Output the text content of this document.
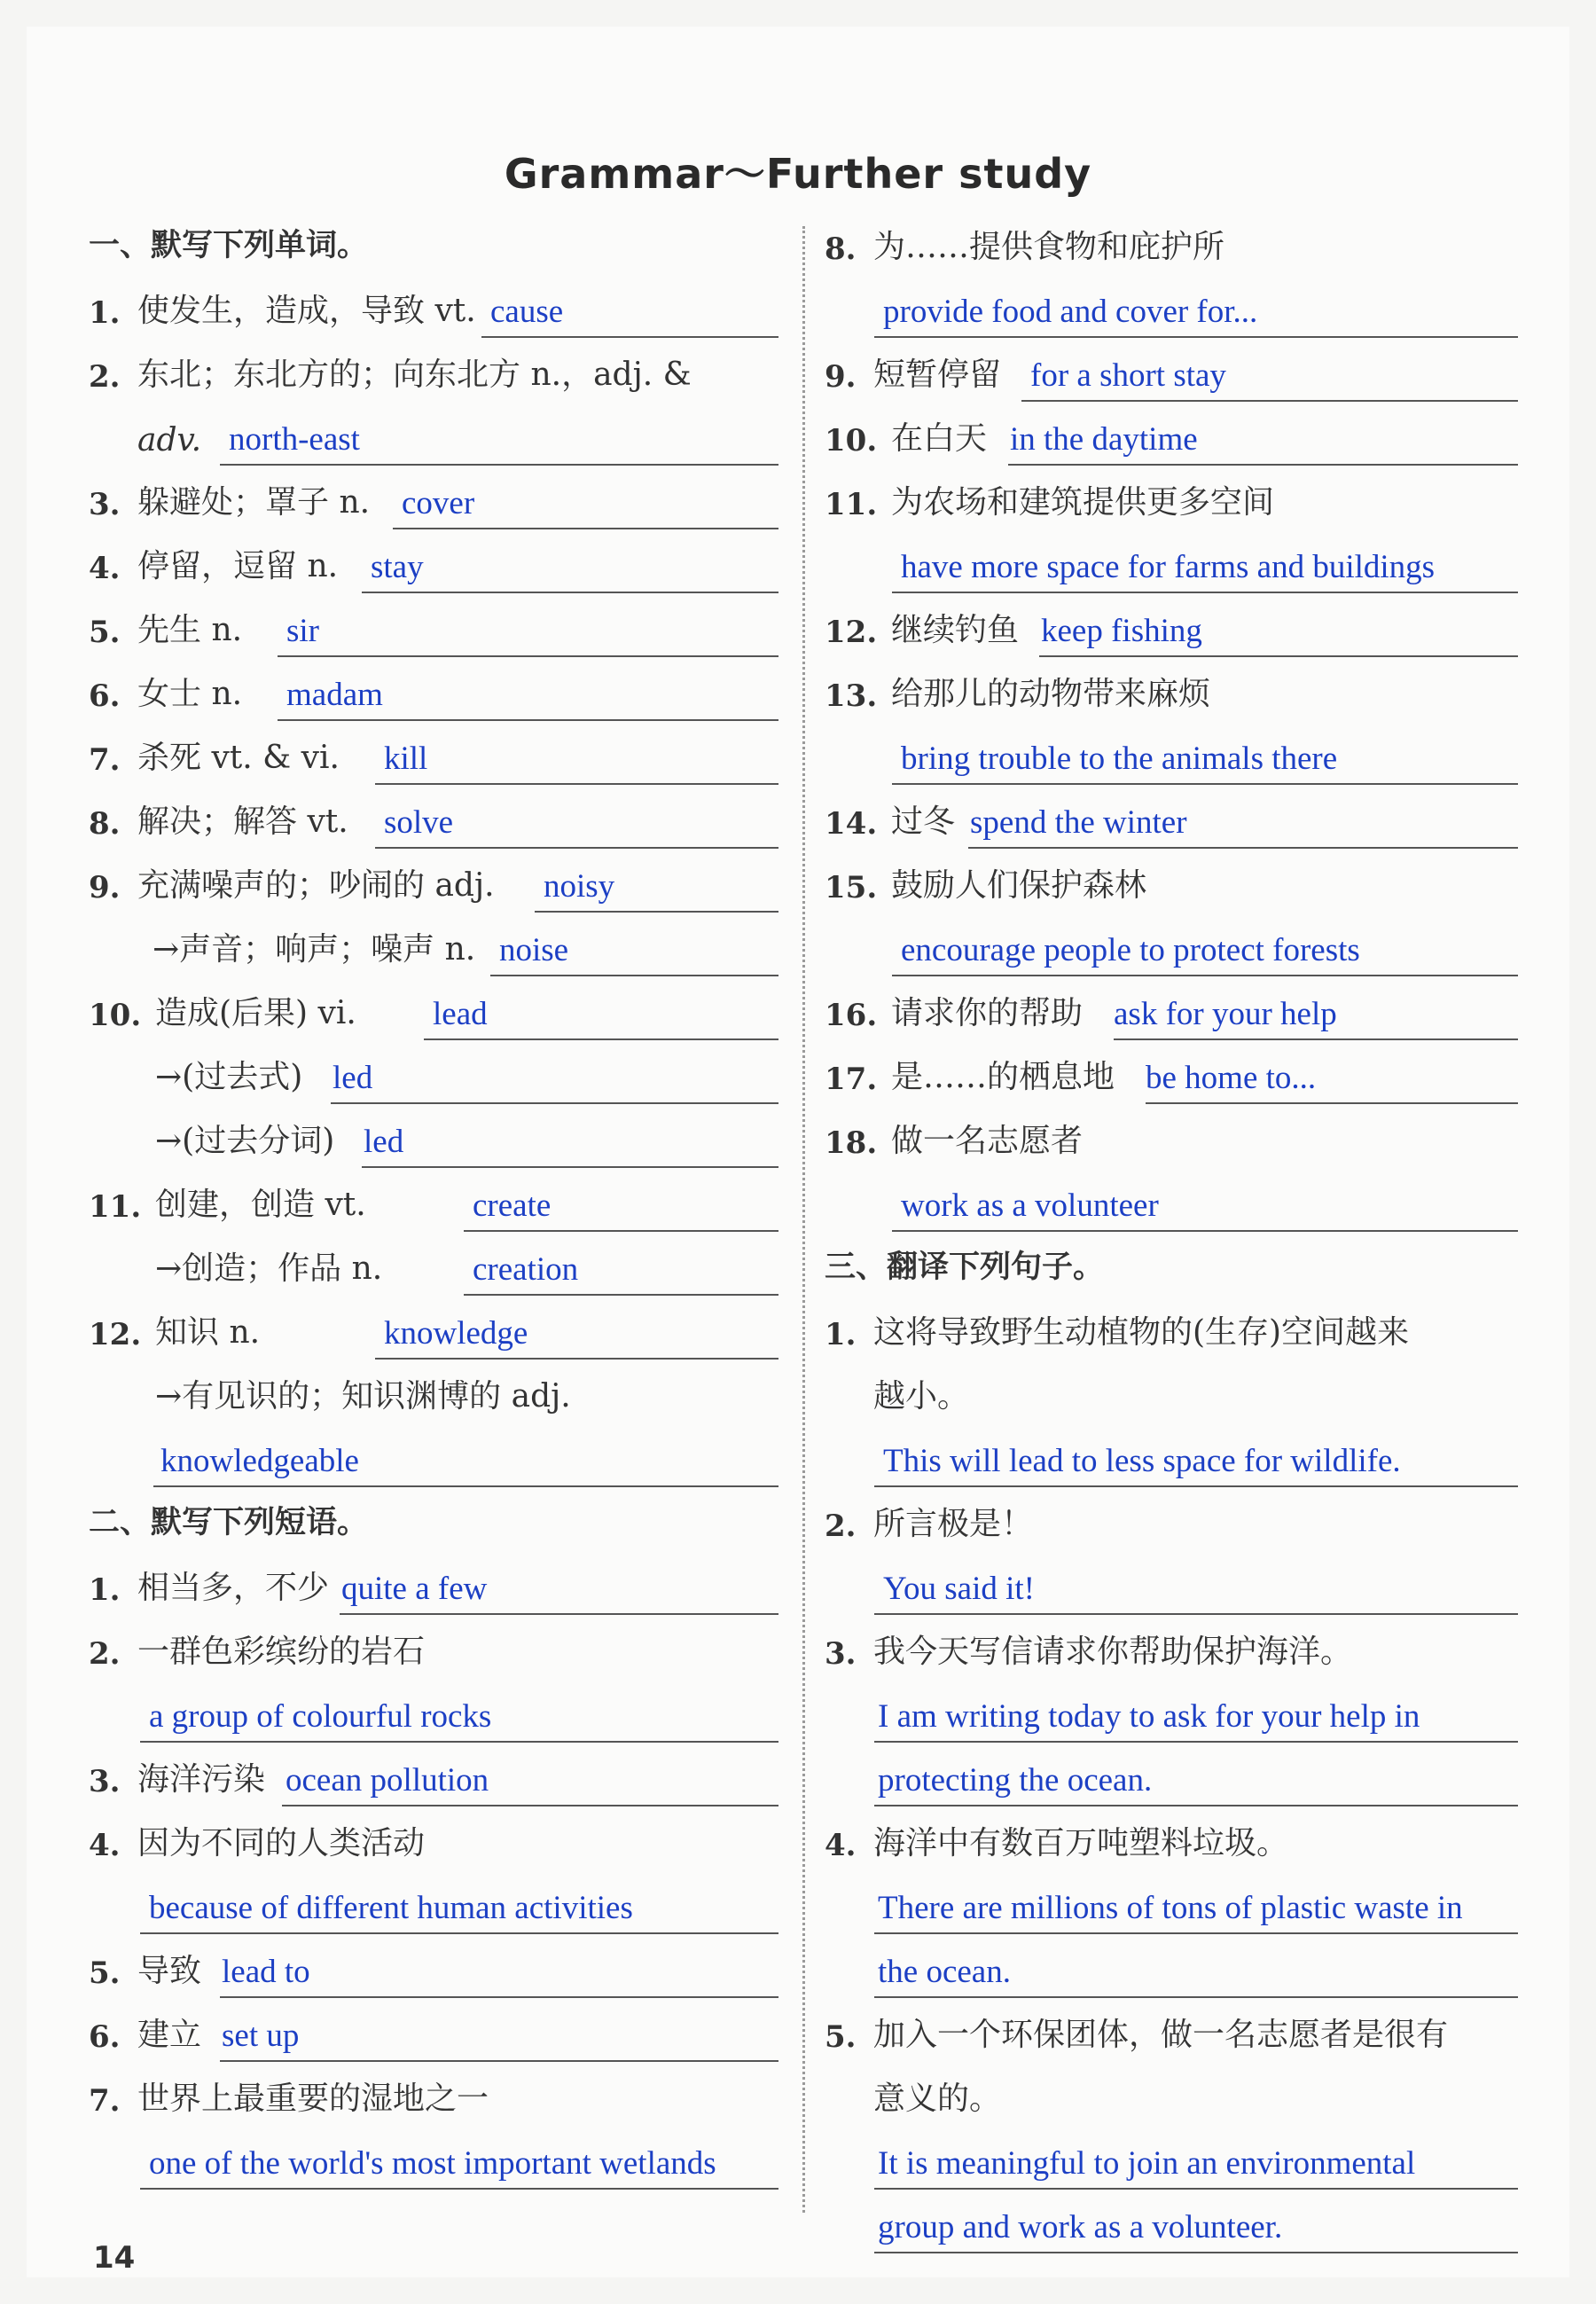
Grammar～Further study
一、默写下列单词。
1. 使发生，造成，导致 vt. cause
2. 东北；东北方的；向东北方 n.，adj. &
adv. north-east
3. 躲避处；罩子 n. cover
4. 停留，逗留 n. stay
5. 先生 n. sir
6. 女士 n. madam
7. 杀死 vt. & vi. kill
8. 解决；解答 vt. solve
9. 充满噪声的；吵闹的 adj. noisy
→声音；响声；噪声 n. noise
10. 造成(后果) vi. lead
→(过去式) led
→(过去分词) led
11. 创建，创造 vt.	create
→创造；作品 n.	creation
12. 知识 n.	knowledge
→有见识的；知识渊博的 adj.
knowledgeable
二、默写下列短语。
1. 相当多，不少 quite a few
2. 一群色彩缤纷的岩石
a group of colourful rocks
3. 海洋污染 ocean pollution
4. 因为不同的人类活动
because of different human activities
5. 导致 lead to
6. 建立 set up
7. 世界上最重要的湿地之一
one of the world's most important wetlands
8. 为……提供食物和庇护所
provide food and cover for...
9. 短暂停留 for a short stay
10. 在白天 in the daytime
11. 为农场和建筑提供更多空间
have more space for farms and buildings
12. 继续钓鱼 keep fishing
13. 给那儿的动物带来麻烦
bring trouble to the animals there
14. 过冬 spend the winter
15. 鼓励人们保护森林
encourage people to protect forests
16. 请求你的帮助 ask for your help
17. 是……的栖息地 be home to...
18. 做一名志愿者
work as a volunteer
三、翻译下列句子。
1. 这将导致野生动植物的(生存)空间越来
越小。
This will lead to less space for wildlife.
2. 所言极是！
You said it!
3. 我今天写信请求你帮助保护海洋。
I am writing today to ask for your help in
protecting the ocean.
4. 海洋中有数百万吨塑料垃圾。
There are millions of tons of plastic waste in
the ocean.
5. 加入一个环保团体，做一名志愿者是很有
意义的。
It is meaningful to join an environmental
group and work as a volunteer.
14
